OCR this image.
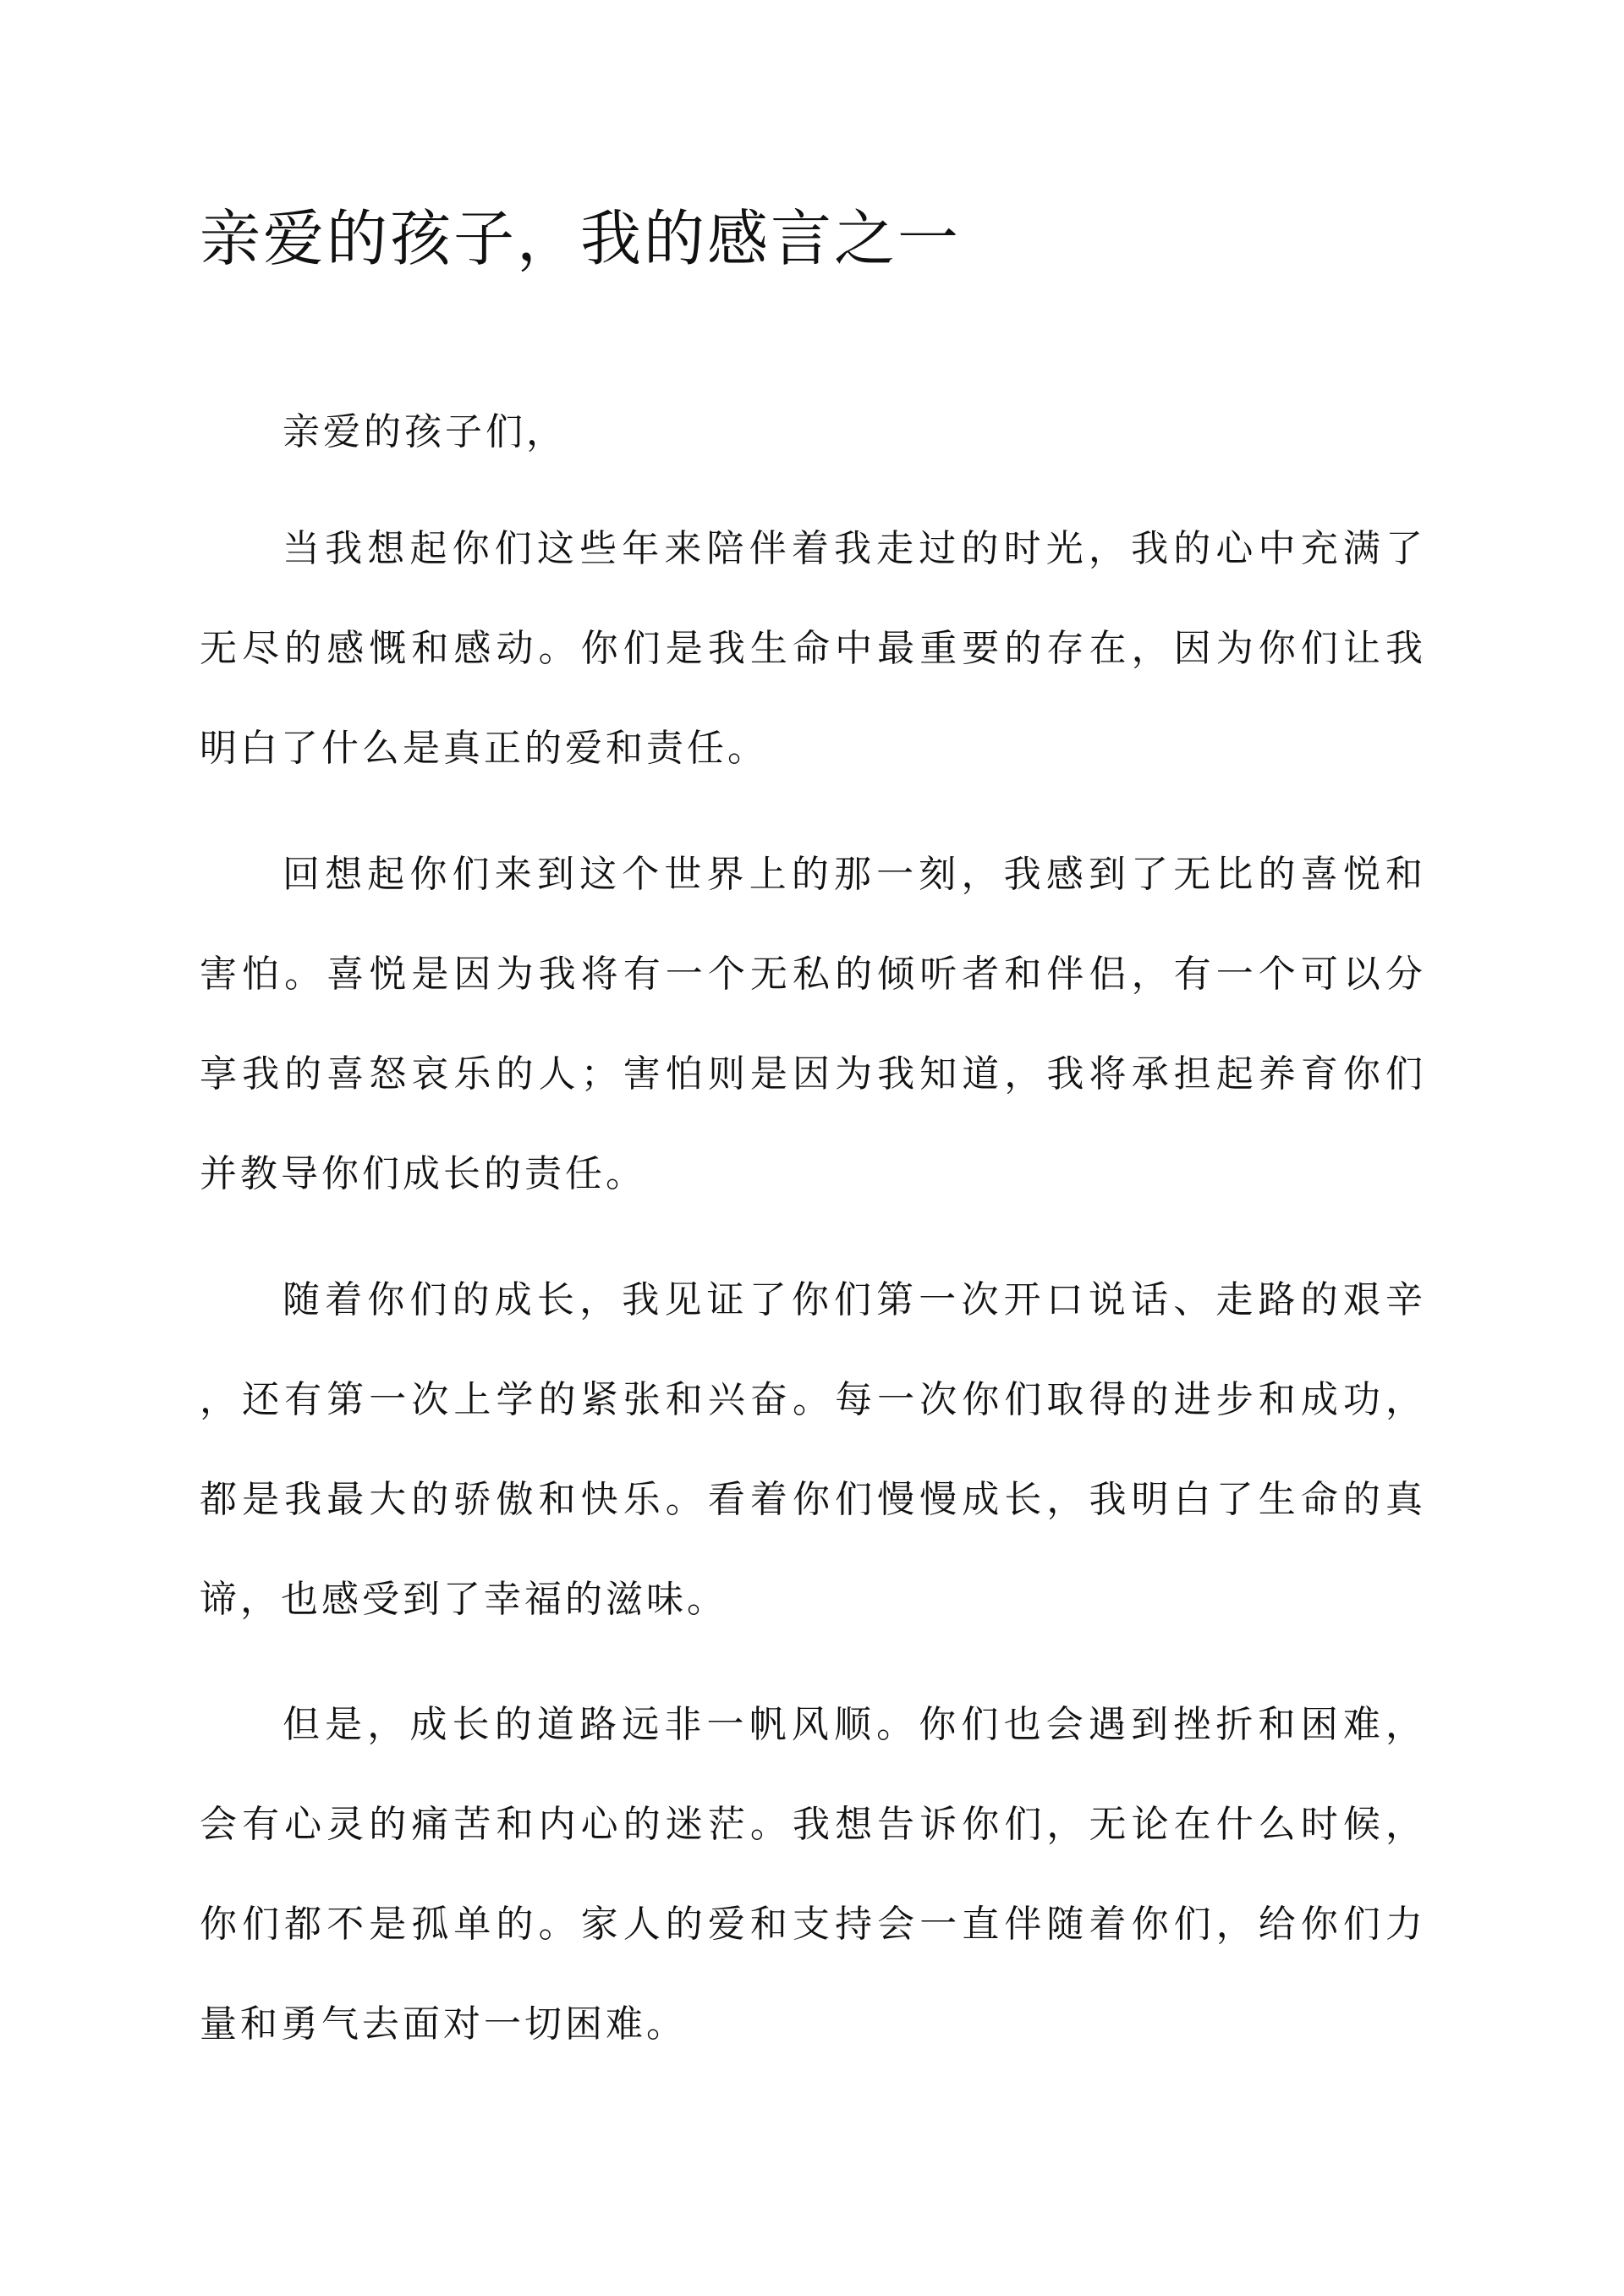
亲爱的孩子，我的感言之一

亲爱的孩子们，

当我想起你们这些年来陪伴着我走过的时光，我的心中充满了
无尽的感慨和感动。你们是我生命中最重要的存在，因为你们让我
明白了什么是真正的爱和责任。

回想起你们来到这个世界上的那一刻，我感到了无比的喜悦和
害怕。喜悦是因为我将有一个无私的倾听者和伴侣，有一个可以分
享我的喜怒哀乐的人；害怕则是因为我知道，我将承担起养育你们
并教导你们成长的责任。

随着你们的成长，我见证了你们第一次开口说话、走路的艰辛
，还有第一次上学的紧张和兴奋。每一次你们取得的进步和成功，
都是我最大的骄傲和快乐。看着你们慢慢成长，我明白了生命的真
谛，也感受到了幸福的滋味。

但是，成长的道路远非一帆风顺。你们也会遇到挫折和困难，
会有心灵的痛苦和内心的迷茫。我想告诉你们，无论在什么时候，
你们都不是孤单的。家人的爱和支持会一直伴随着你们，给你们力
量和勇气去面对一切困难。
